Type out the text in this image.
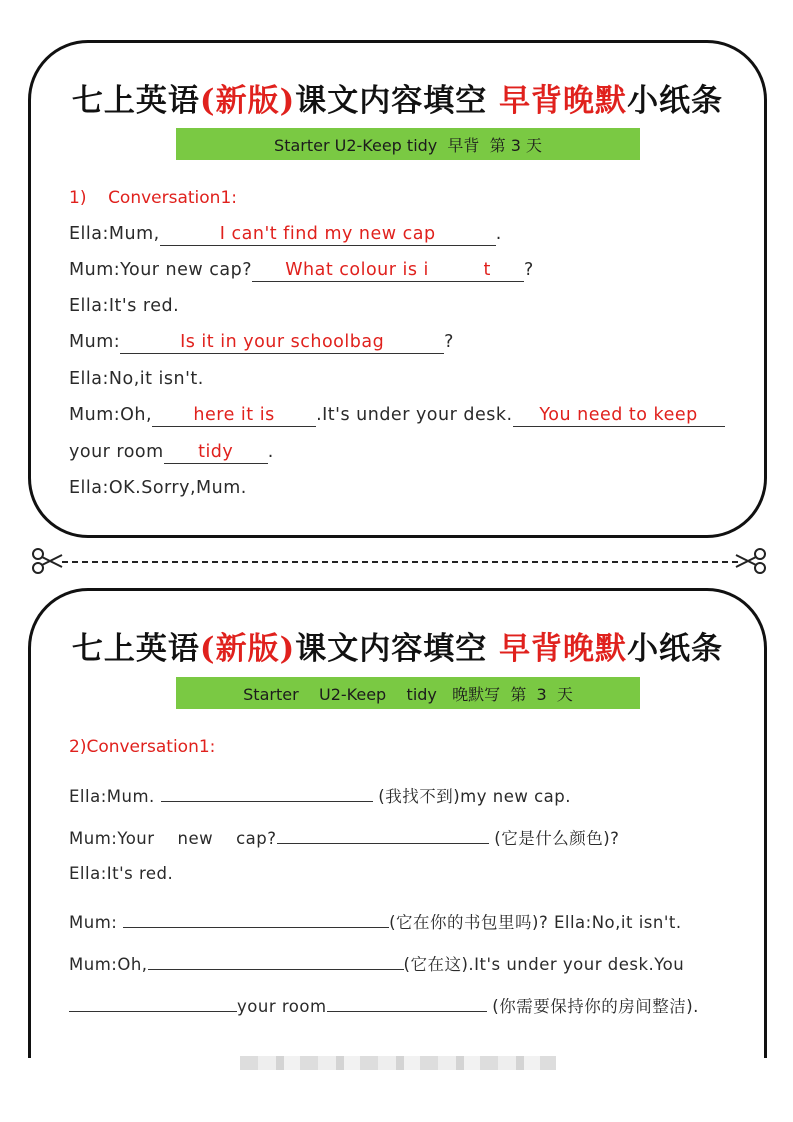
七上英语(新版)课文内容填空 早背晚默小纸条
Starter U2-Keep tidy  早背  第 3 天
1)    Conversation1:
Ella:Mum,	I can't find my new cap	.
Mum:Your new cap? What colour is i         t ?
Ella:It's red.
Mum:	Is it in your schoolbag	?
Ella:No,it isn't.
Mum:Oh, here it is .It's under your desk. You need to keep
your room tidy .
Ella:OK.Sorry,Mum.
七上英语(新版)课文内容填空 早背晚默小纸条
Starter    U2-Keep    tidy   晚默写  第  3  天
2)Conversation1:
Ella:Mum.	(我找不到)my new cap.
Mum:Your    new    cap?	(它是什么颜色)?
Ella:It's red.
Mum:	(它在你的书包里吗)? Ella:No,it isn't.
Mum:Oh,	(它在这).It's under your desk.You
your room	(你需要保持你的房间整洁).
